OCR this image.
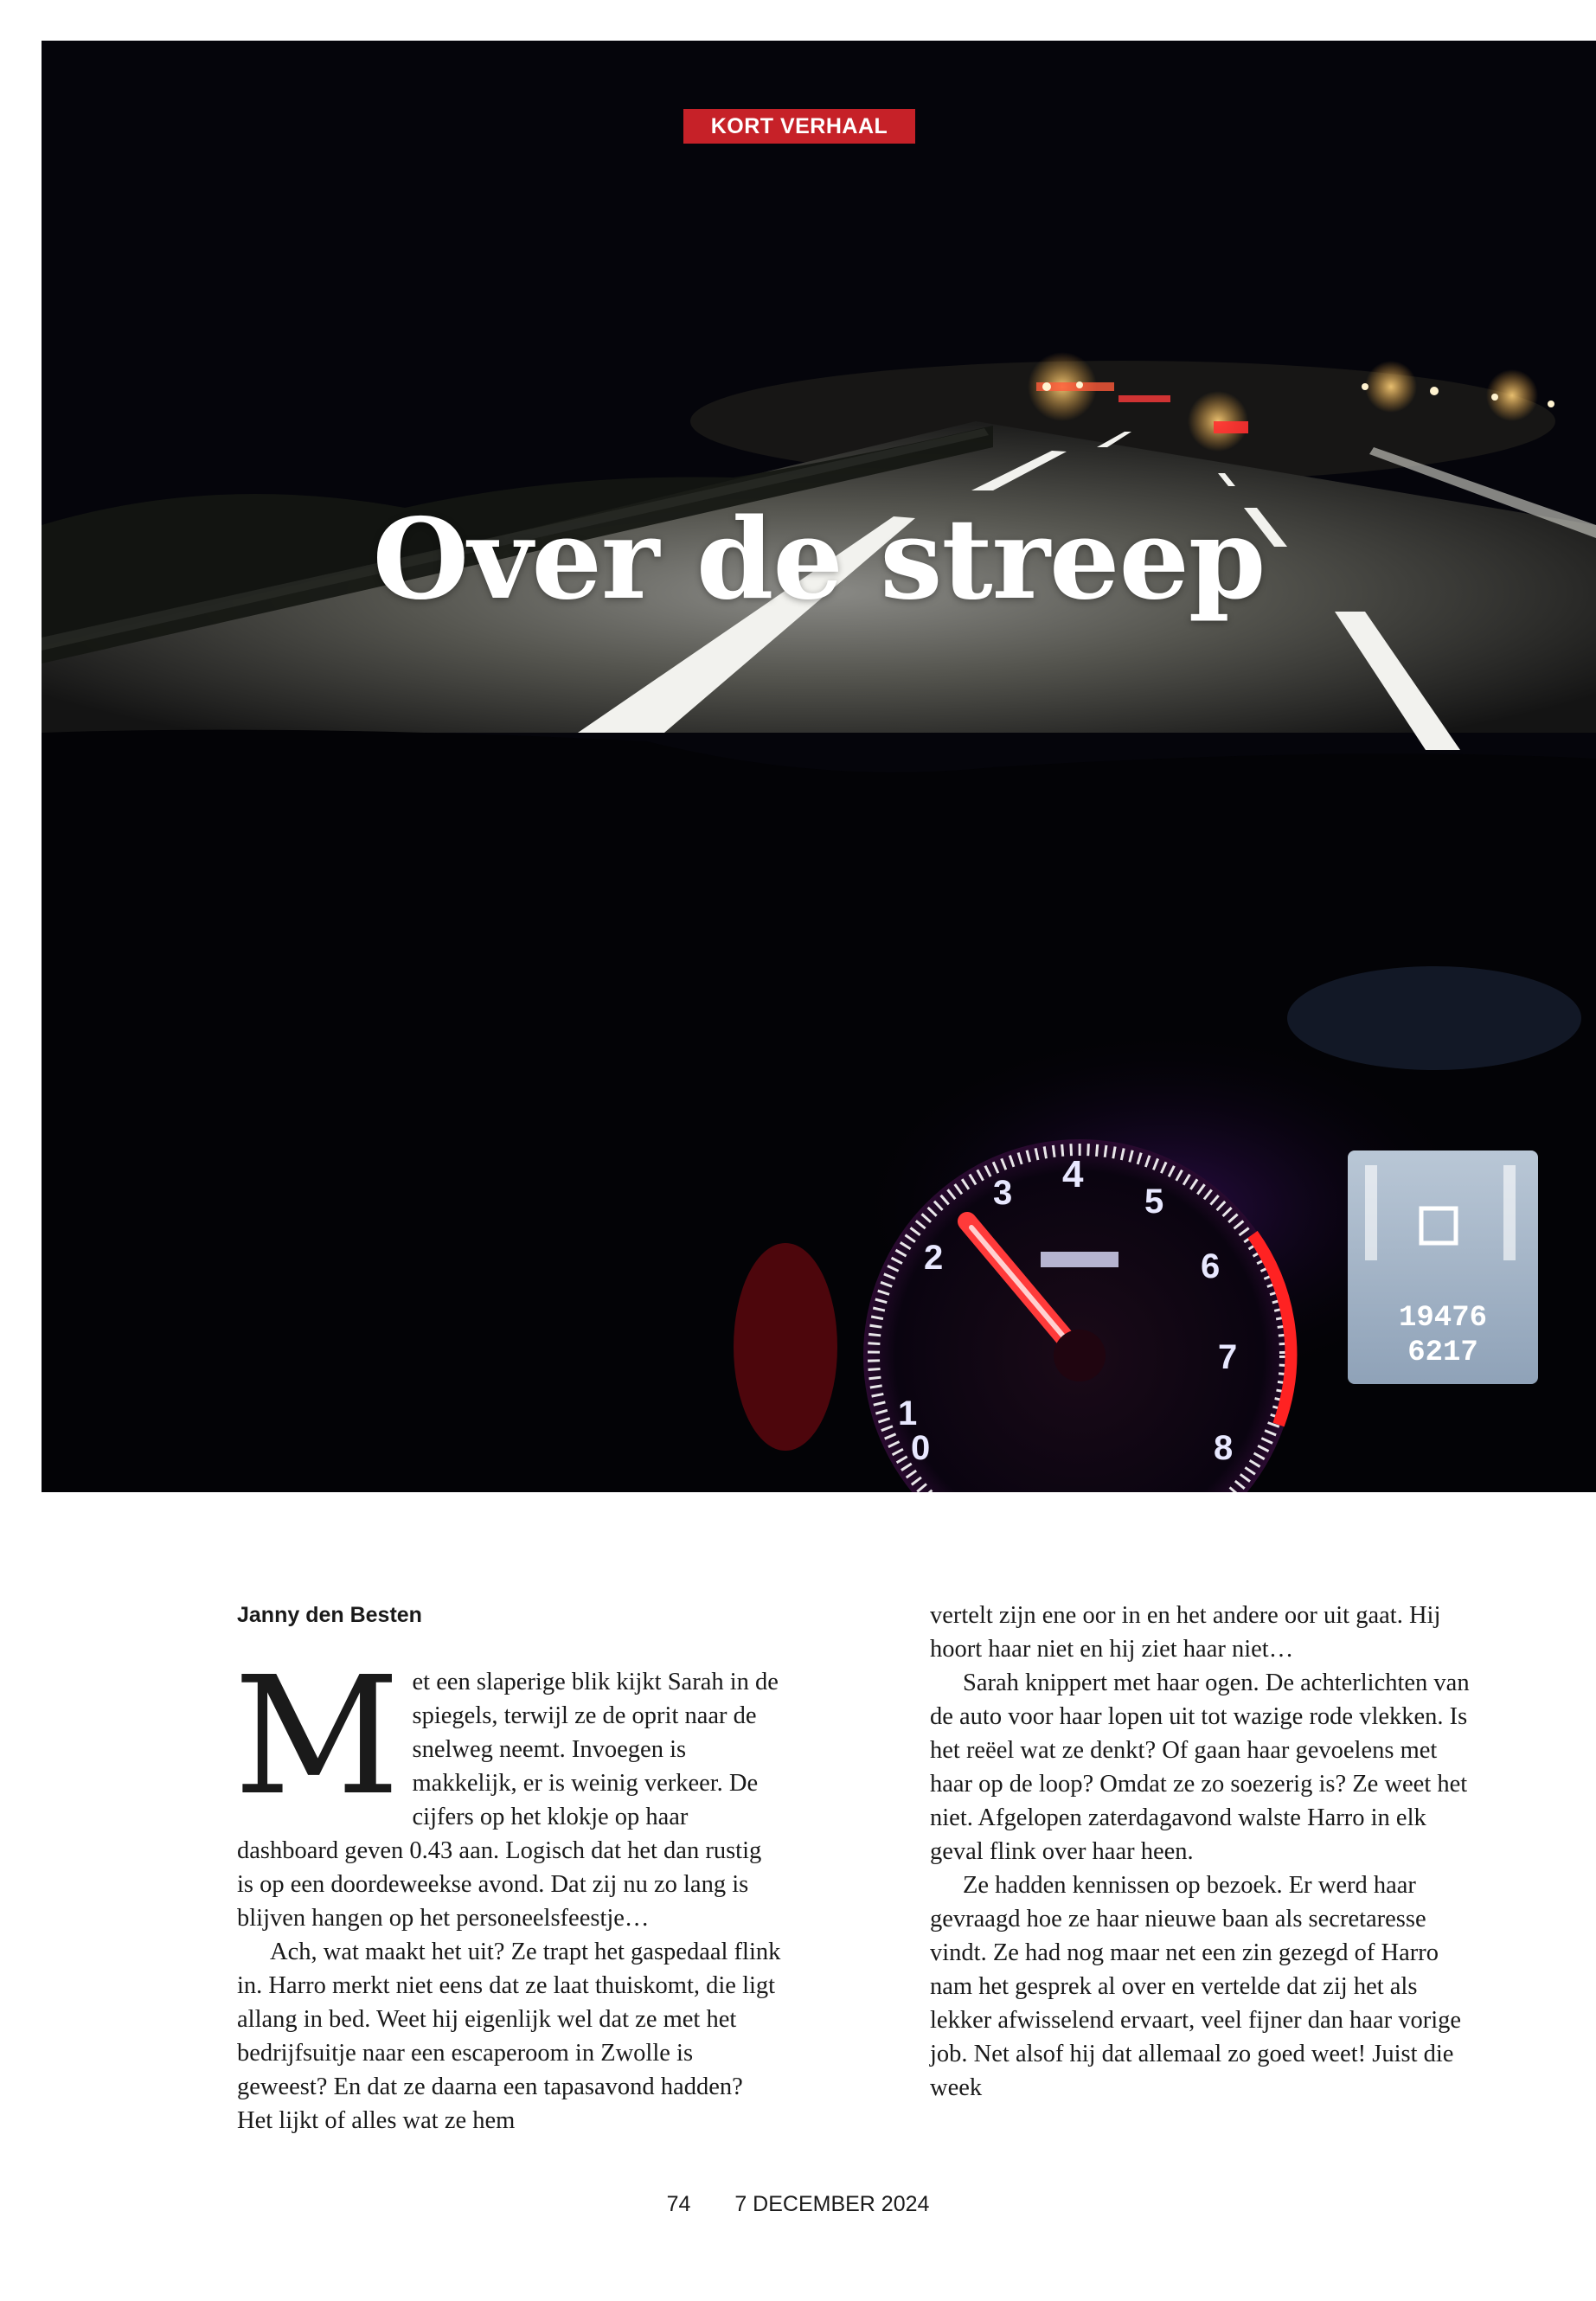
1
2
3 4
5
6
7
8
0
19476
6217
KORT VERHAAL
Over de streep

Janny den Besten

Met een slaperige blik kijkt Sarah in de spiegels, terwijl ze de oprit naar de snelweg neemt. Invoegen is makkelijk, er is weinig verkeer. De cijfers op het klokje op haar dashboard geven 0.43 aan. Logisch dat het dan rustig is op een doordeweekse avond. Dat zij nu zo lang is blijven hangen op het personeelsfeestje…

Ach, wat maakt het uit? Ze trapt het gaspedaal flink in. Harro merkt niet eens dat ze laat thuiskomt, die ligt allang in bed. Weet hij eigenlijk wel dat ze met het bedrijfsuitje naar een escaperoom in Zwolle is geweest? En dat ze daarna een tapasavond hadden? Het lijkt of alles wat ze hem

vertelt zijn ene oor in en het andere oor uit gaat. Hij hoort haar niet en hij ziet haar niet…

Sarah knippert met haar ogen. De achterlichten van de auto voor haar lopen uit tot wazige rode vlekken. Is het reëel wat ze denkt? Of gaan haar gevoelens met haar op de loop? Omdat ze zo soezerig is? Ze weet het niet. Afgelopen zaterdagavond walste Harro in elk geval flink over haar heen.

Ze hadden kennissen op bezoek. Er werd haar gevraagd hoe ze haar nieuwe baan als secretaresse vindt. Ze had nog maar net een zin gezegd of Harro nam het gesprek al over en vertelde dat zij het als lekker afwisselend ervaart, veel fijner dan haar vorige job. Net alsof hij dat allemaal zo goed weet! Juist die week

74 7 DECEMBER 2024
